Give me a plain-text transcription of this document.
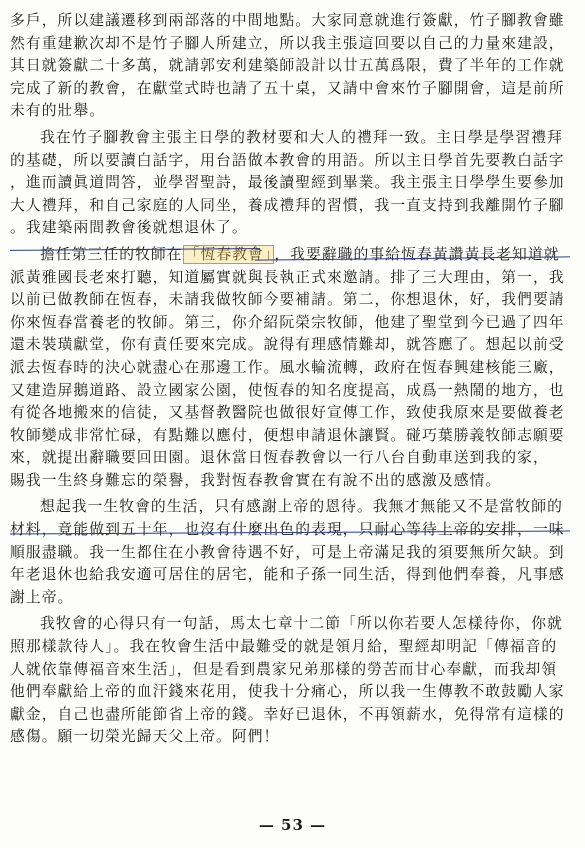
多戶，所以建議遷移到兩部落的中間地點。大家同意就進行簽獻，竹子腳教會雖
然有重建歉次却不是竹子腳人所建立，所以我主張這回要以自己的力量來建設，
其日就簽獻二十多萬，就請郭安利建築師設計以廿五萬爲限，費了半年的工作就
完成了新的教會，在獻堂式時也請了五十桌，又請中會來竹子腳開會，這是前所
未有的壯舉。
我在竹子腳教會主張主日學的教材要和大人的禮拜一致。主日學是學習禮拜
的基礎，所以要讀白話字，用台語做本教會的用語。所以主日學首先要教白話字
，進而讀眞道問答，並學習聖詩，最後讀聖經到畢業。我主張主日學學生要參加
大人禮拜，和自己家庭的人同坐，養成禮拜的習慣，我一直支持到我離開竹子腳
。我建築兩間教會後就想退休了。
擔任第三任的牧師在 「恆春教會」 ，我要辭職的事給恆春黃讚黃長老知道就
派黃雅國長老來打聽，知道屬實就與長執正式來邀請。排了三大理由，第一，我
以前已做教師在恆春，未請我做牧師今要補請。第二，你想退休，好，我們要請
你來恆春當養老的牧師。第三，你介紹阮榮宗牧師，他建了聖堂到今已過了四年
還未裝璜獻堂，你有責任要來完成。說得有理感情難却，就答應了。想起以前受
派去恆春時的決心就盡心在那邊工作。風水輪流轉，政府在恆春興建核能三廠，
又建造屏鵝道路、設立國家公園，使恆春的知名度提高，成爲一熱鬧的地方，也
有從各地搬來的信徒，又基督教醫院也做很好宣傳工作，致使我原來是要做養老
牧師變成非常忙碌，有點難以應付，便想申請退休讓賢。碰巧葉勝義牧師志願要
來，就提出辭職要回田園。退休當日恆春教會以一行八台自動車送到我的家，
賜我一生終身難忘的榮譽，我對恆春教會實在有說不出的感激及感情。
想起我一生牧會的生活，只有感謝上帝的恩待。我無才無能又不是當牧師的
材料，竟能做到五十年，也沒有什麼出色的表現，只耐心等待上帝的安排，一味
順服盡職。我一生都住在小教會待遇不好，可是上帝滿足我的須要無所欠缺。到
年老退休也給我安適可居住的居宅，能和子孫一同生活，得到他們奉養，凡事感
謝上帝。
我牧會的心得只有一句話，馬太七章十二節「所以你若要人怎樣待你，你就
照那樣款待人」。我在牧會生活中最難受的就是領月給，聖經却明記「傳福音的
人就依靠傳福音來生活」，但是看到農家兄弟那樣的勞苦而甘心奉獻，而我却領
他們奉獻給上帝的血汗錢來花用，使我十分痛心，所以我一生傳教不敢鼓勵人家
獻金，自己也盡所能節省上帝的錢。幸好已退休，不再領薪水，免得常有這樣的
感傷。願一切榮光歸天父上帝。阿們！
— 53 —
